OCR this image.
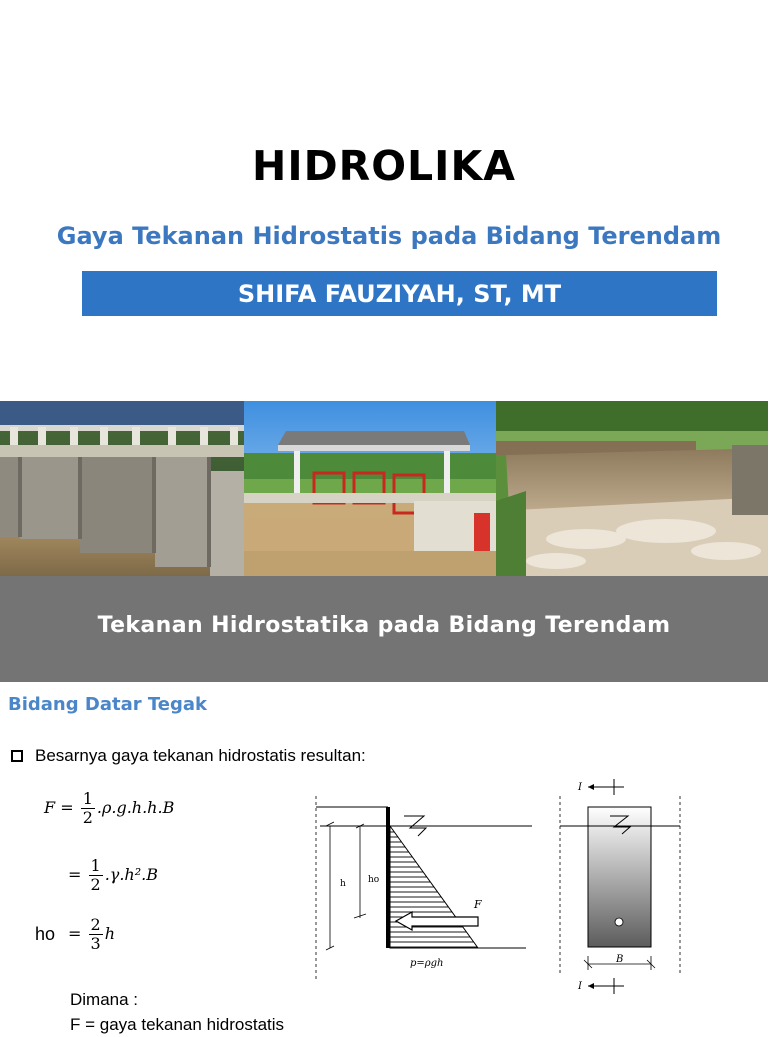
HIDROLIKA
Gaya Tekanan Hidrostatis pada Bidang Terendam
SHIFA FAUZIYAH, ST, MT
Tekanan Hidrostatika pada Bidang Terendam
Bidang Datar Tegak
Besarnya gaya tekanan hidrostatis resultan:
$F = \frac{1}{2} .\rho.g.h.h.B$
= $\frac{1}{2} .\gamma.h^2.B$
ho = $\frac{2}{3}$ h
h ho
F
p=ρgh
I
B
I
Dimana :
F = gaya tekanan hidrostatis
